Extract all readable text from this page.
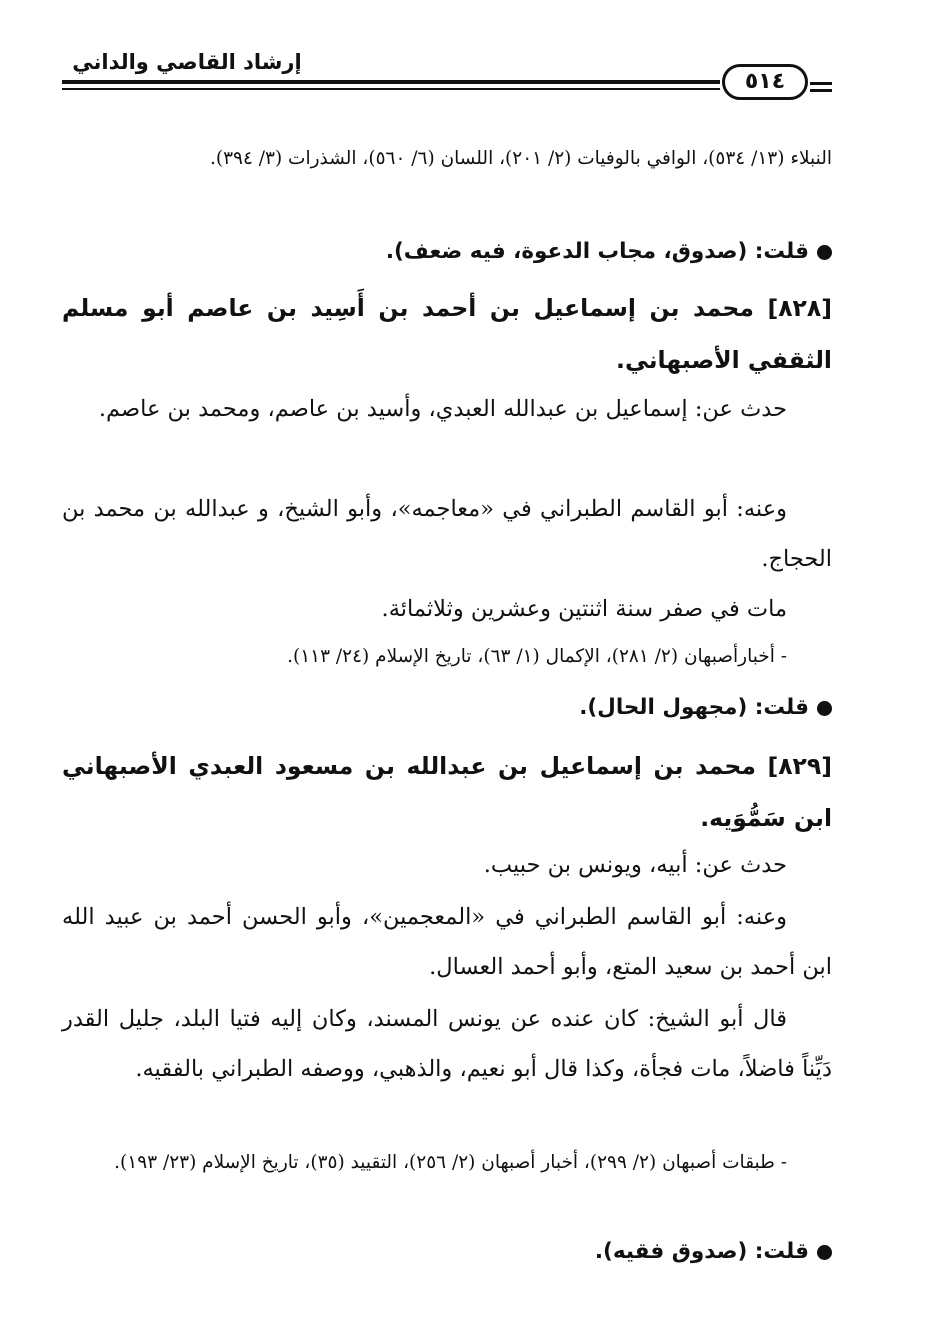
إرشاد القاصي والداني
٥١٤
النبلاء (١٣/ ٥٣٤)، الوافي بالوفيات (٢/ ٢٠١)، اللسان (٦/ ٥٦٠)، الشذرات (٣/ ٣٩٤).
قلت: (صدوق، مجاب الدعوة، فيه ضعف).
[٨٢٨] محمد بن إسماعيل بن أحمد بن أَسِيد بن عاصم أبو مسلم الثقفي الأصبهاني.
حدث عن: إسماعيل بن عبدالله العبدي، وأسيد بن عاصم، ومحمد بن عاصم.
وعنه: أبو القاسم الطبراني في «معاجمه»، وأبو الشيخ، و عبدالله بن محمد بن الحجاج.
مات في صفر سنة اثنتين وعشرين وثلاثمائة.
- أخبارأصبهان (٢/ ٢٨١)، الإكمال (١/ ٦٣)، تاريخ الإسلام (٢٤/ ١١٣).
قلت: (مجهول الحال).
[٨٢٩] محمد بن إسماعيل بن عبدالله بن مسعود العبدي الأصبهاني ابن سَمُّوَيه.
حدث عن: أبيه، ويونس بن حبيب.
وعنه: أبو القاسم الطبراني في «المعجمين»، وأبو الحسن أحمد بن عبيد الله ابن أحمد بن سعيد المتع، وأبو أحمد العسال.
قال أبو الشيخ: كان عنده عن يونس المسند، وكان إليه فتيا البلد، جليل القدر دَيِّناً فاضلاً، مات فجأة، وكذا قال أبو نعيم، والذهبي، ووصفه الطبراني بالفقيه.
- طبقات أصبهان (٢/ ٢٩٩)، أخبار أصبهان (٢/ ٢٥٦)، التقييد (٣٥)، تاريخ الإسلام (٢٣/ ١٩٣).
قلت: (صدوق فقيه).
